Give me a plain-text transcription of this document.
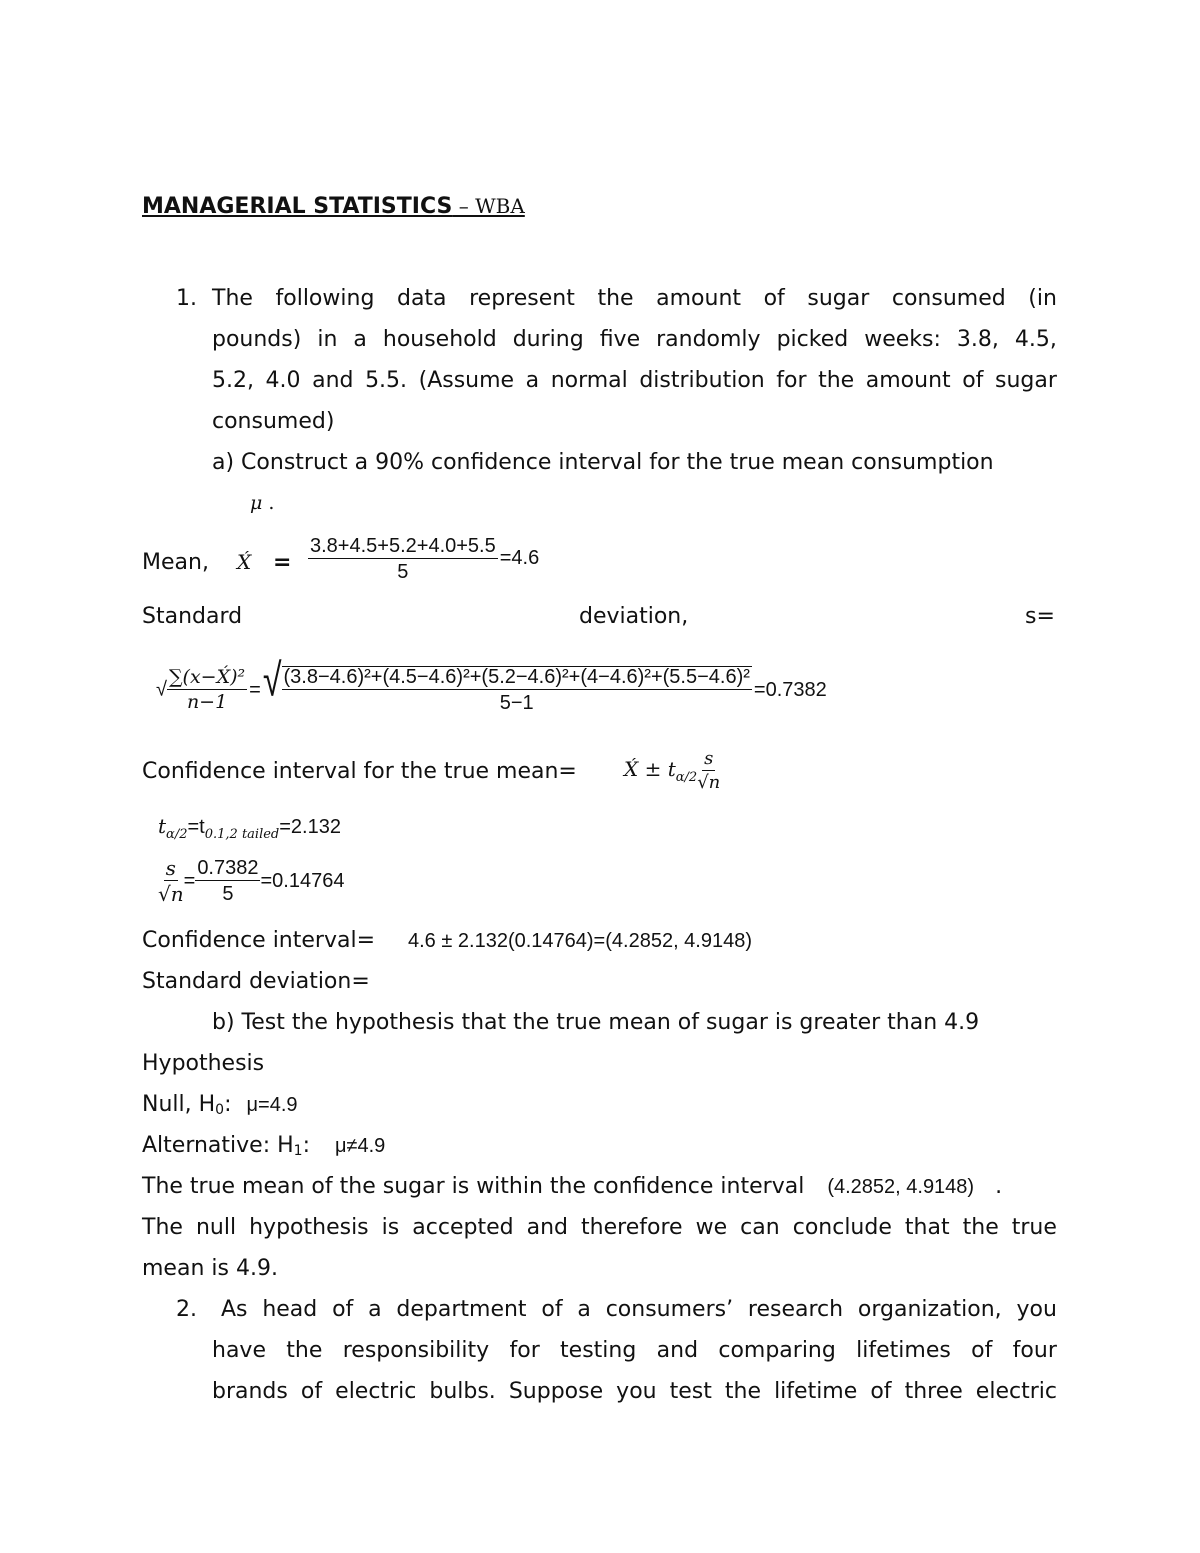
MANAGERIAL STATISTICS – WBA
1. The following data represent the amount of sugar consumed (in
pounds) in a household during five randomly picked weeks: 3.8, 4.5,
5.2, 4.0 and 5.5. (Assume a normal distribution for the amount of sugar
consumed)
a) Construct a 90% confidence interval for the true mean consumption
μ .
Mean, X́ = $\frac{3.8+4.5+5.2+4.0+5.5}{5} =4.6$
Standard	deviation,	s=
√ $\frac{\text{∑(x−X́)²}}{n-1}$ = √ $\frac{\text{(3.8−4.6)²+(4.5−4.6)²+(5.2−4.6)²+(4−4.6)²+(5.5−4.6)²}}{5-1} =0.7382$
Confidence interval for the true mean= X́ ± $t_{\alpha/2} \frac{s}{√n}$
$t_{\alpha/2}=t_{0.1,2 tailed}=2.132$
$\frac{s}{√n} = \frac{0.7382}{5} =0.14764$
Confidence interval= 4.6 ± 2.132(0.14764)=(4.2852, 4.9148)
Standard deviation=
b) Test the hypothesis that the true mean of sugar is greater than 4.9
Hypothesis
Null, H0: μ=4.9
Alternative: H1: μ≠4.9
The true mean of the sugar is within the confidence interval (4.2852, 4.9148) .
The null hypothesis is accepted and therefore we can conclude that the true
mean is 4.9.
2. As head of a department of a consumers’ research organization, you
have the responsibility for testing and comparing lifetimes of four
brands of electric bulbs. Suppose you test the lifetime of three electric
